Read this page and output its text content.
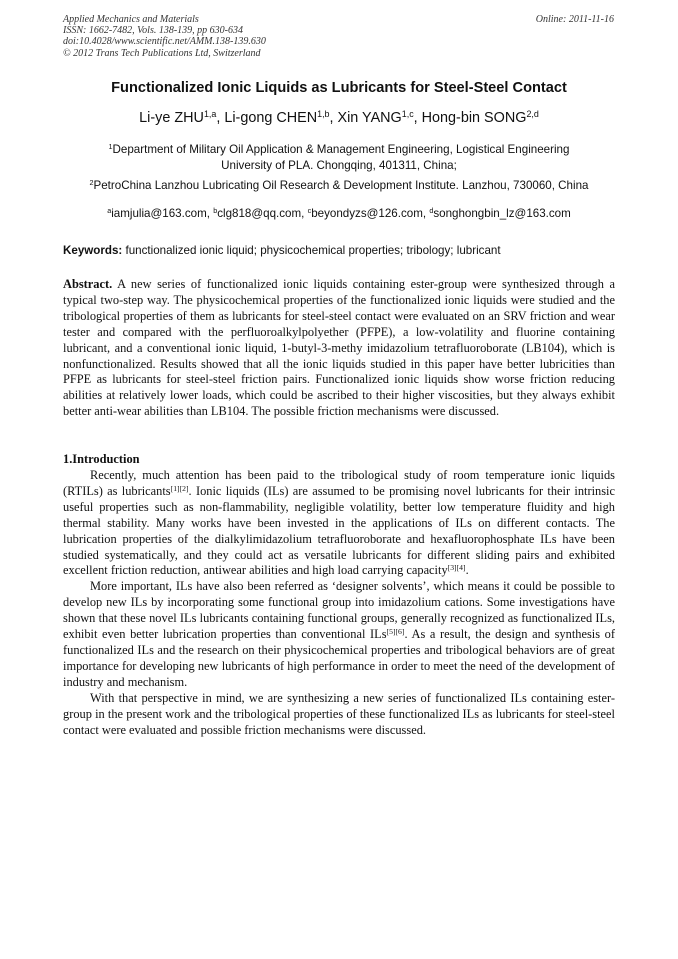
Applied Mechanics and Materials
ISSN: 1662-7482, Vols. 138-139, pp 630-634
doi:10.4028/www.scientific.net/AMM.138-139.630
© 2012 Trans Tech Publications Ltd, Switzerland
Online: 2011-11-16
Functionalized Ionic Liquids as Lubricants for Steel-Steel Contact
Li-ye ZHU$^{1,a}$, Li-gong CHEN$^{1,b}$, Xin YANG$^{1,c}$, Hong-bin SONG$^{2,d}$
$^1$Department of Military Oil Application & Management Engineering, Logistical Engineering
University of PLA. Chongqing, 401311, China;
$^2$PetroChina Lanzhou Lubricating Oil Research & Development Institute. Lanzhou, 730060, China
$^a$iamjulia@163.com, $^b$clg818@qq.com, $^c$beyondyzs@126.com, $^d$songhongbin_lz@163.com
Keywords: functionalized ionic liquid; physicochemical properties; tribology; lubricant
Abstract. A new series of functionalized ionic liquids containing ester-group were synthesized through a typical two-step way. The physicochemical properties of the functionalized ionic liquids were studied and the tribological properties of them as lubricants for steel-steel contact were evaluated on an SRV friction and wear tester and compared with the perfluoroalkylpolyether (PFPE), a low-volatility and fluorine containing lubricant, and a conventional ionic liquid, 1-butyl-3-methy imidazolium tetrafluoroborate (LB104), which is nonfunctionalized. Results showed that all the ionic liquids studied in this paper have better lubricities than PFPE as lubricants for steel-steel friction pairs. Functionalized ionic liquids show worse friction reducing abilities at relatively lower loads, which could be ascribed to their higher viscosities, but they always exhibit better anti-wear abilities than LB104. The possible friction mechanisms were discussed.
1.Introduction

Recently, much attention has been paid to the tribological study of room temperature ionic liquids (RTILs) as lubricants[1][2]. Ionic liquids (ILs) are assumed to be promising novel lubricants for their intrinsic useful properties such as non-flammability, negligible volatility, better low temperature fluidity and high thermal stability. Many works have been invested in the applications of ILs on different contacts. The lubrication properties of the dialkylimidazolium tetrafluoroborate and hexafluorophosphate ILs have been studied systematically, and they could act as versatile lubricants for different sliding pairs and exhibited excellent friction reduction, antiwear abilities and high load carrying capacity[3][4].

More important, ILs have also been referred as ‘designer solvents’, which means it could be possible to develop new ILs by incorporating some functional group into imidazolium cations. Some investigations have shown that these novel ILs lubricants containing functional groups, generally recognized as functionalized ILs, exhibit even better lubrication properties than conventional ILs[5][6]. As a result, the design and synthesis of functionalized ILs and the research on their physicochemical properties and tribological behaviors are of great importance for developing new lubricants of high performance in order to meet the need of the development of industry and mechanism.

With that perspective in mind, we are synthesizing a new series of functionalized ILs containing ester-group in the present work and the tribological properties of these functionalized ILs as lubricants for steel-steel contact were evaluated and possible friction mechanisms were discussed.
